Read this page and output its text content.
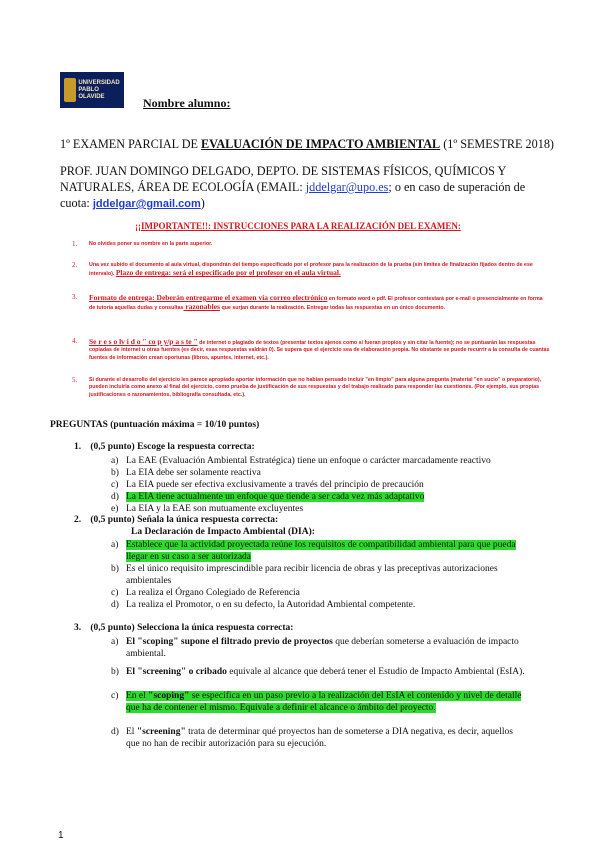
UNIVERSIDAD
PABLO
OLAVIDE	Nombre alumno:
1º EXAMEN PARCIAL DE EVALUACIÓN DE IMPACTO AMBIENTAL (1º SEMESTRE 2018)
PROF. JUAN DOMINGO DELGADO, DEPTO. DE SISTEMAS FÍSICOS, QUÍMICOS Y NATURALES, ÁREA DE ECOLOGÍA (EMAIL: jddelgar@upo.es; o en caso de superación de cuota: jddelgar@gmail.com)
¡¡IMPORTANTE!!: INSTRUCCIONES PARA LA REALIZACIÓN DEL EXAMEN:
1. No olvides poner su nombre en la parte superior.
2. Una vez subido el documento al aula virtual, dispondrán del tiempo especificado por el profesor para la realización de la prueba (sin límites de finalización fijados dentro de ese intervalo). Plazo de entrega: será el especificado por el profesor en el aula virtual.
3. Formato de entrega: Deberán entregarme el examen vía correo electrónico en formato word o pdf. El profesor contestará por e-mail o presencialmente en forma de tutoría aquellas dudas y consultas razonables que surjan durante la realización. Entregar todas las respuestas en un único documento.
4. Se r e s o lv i d o " co p y/p a s te " de internet o plagiado de textos (presentar textos ajenos como si fueran propios y sin citar la fuente); no se puntuarán las respuestas copiadas de internet u otras fuentes (es decir, esas respuestas valdrán 0). Se supera que el ejercicio sea de elaboración propia. No obstante se puede recurrir a la consulta de cuantas fuentes de información crean oportunas (libros, apuntes, internet, etc.).
5. Si durante el desarrollo del ejercicio les parece apropiado aportar información que no habían pensado incluir "en limpio" para alguna pregunta (material "en sucio" o preparatorio), pueden incluirla como anexo al final del ejercicio, como prueba de justificación de sus respuestas y del trabajo realizado para responder las cuestiones. (Por ejemplo, sus propias justificaciones o razonamientos, bibliografía consultada, etc.).
PREGUNTAS (puntuación máxima = 10/10 puntos)
1. (0,5 punto) Escoge la respuesta correcta:
a) La EAE (Evaluación Ambiental Estratégica) tiene un enfoque o carácter marcadamente reactivo
b) La EIA debe ser solamente reactiva
c) La EIA puede ser efectiva exclusivamente a través del principio de precaución
d) La EIA tiene actualmente un enfoque que tiende a ser cada vez más adaptativo
e) La EIA y la EAE son mutuamente excluyentes
2. (0,5 punto) Señala la única respuesta correcta:
La Declaración de Impacto Ambiental (DIA):
a) Establece que la actividad proyectada reúne los requisitos de compatibilidad ambiental para que pueda
llegar en su caso a ser autorizada
b) Es el único requisito imprescindible para recibir licencia de obras y las preceptivas autorizaciones
ambientales
c) La realiza el Órgano Colegiado de Referencia
d) La realiza el Promotor, o en su defecto, la Autoridad Ambiental competente.
3. (0,5 punto) Selecciona la única respuesta correcta:
a) El "scoping" supone el filtrado previo de proyectos que deberían someterse a evaluación de impacto
ambiental.
b) El "screening" o cribado equivale al alcance que deberá tener el Estudio de Impacto Ambiental (EsIA).
c) En el "scoping" se especifica en un paso previo a la realización del EsIA el contenido y nivel de detalle
que ha de contener el mismo. Equivale a definir el alcance o ámbito del proyecto.
d) El "screening" trata de determinar qué proyectos han de someterse a DIA negativa, es decir, aquellos
que no han de recibir autorización para su ejecución.
1
